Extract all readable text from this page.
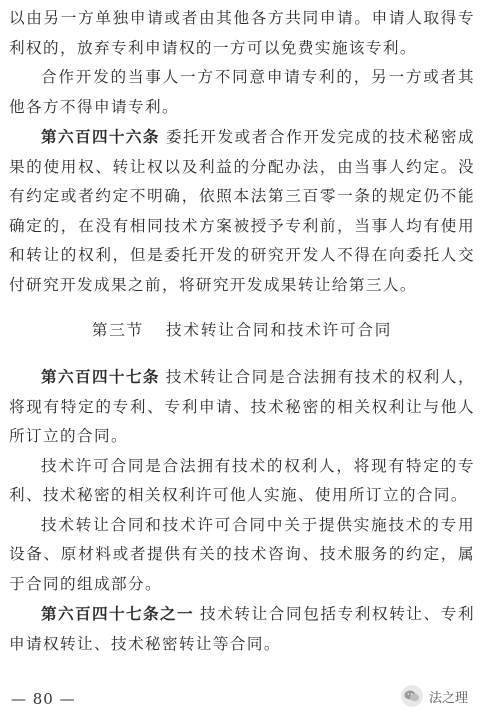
以由另一方单独申请或者由其他各方共同申请。申请人取得专利权的，放弃专利申请权的一方可以免费实施该专利。

合作开发的当事人一方不同意申请专利的，另一方或者其他各方不得申请专利。

第六百四十六条 委托开发或者合作开发完成的技术秘密成果的使用权、转让权以及利益的分配办法，由当事人约定。没有约定或者约定不明确，依照本法第三百零一条的规定仍不能确定的，在没有相同技术方案被授予专利前，当事人均有使用和转让的权利，但是委托开发的研究开发人不得在向委托人交付研究开发成果之前，将研究开发成果转让给第三人。

第三节 技术转让合同和技术许可合同

第六百四十七条 技术转让合同是合法拥有技术的权利人，将现有特定的专利、专利申请、技术秘密的相关权利让与他人所订立的合同。

技术许可合同是合法拥有技术的权利人，将现有特定的专利、技术秘密的相关权利许可他人实施、使用所订立的合同。

技术转让合同和技术许可合同中关于提供实施技术的专用设备、原材料或者提供有关的技术咨询、技术服务的约定，属于合同的组成部分。

第六百四十七条之一 技术转让合同包括专利权转让、专利申请权转让、技术秘密转让等合同。

— 80 —	法之理
